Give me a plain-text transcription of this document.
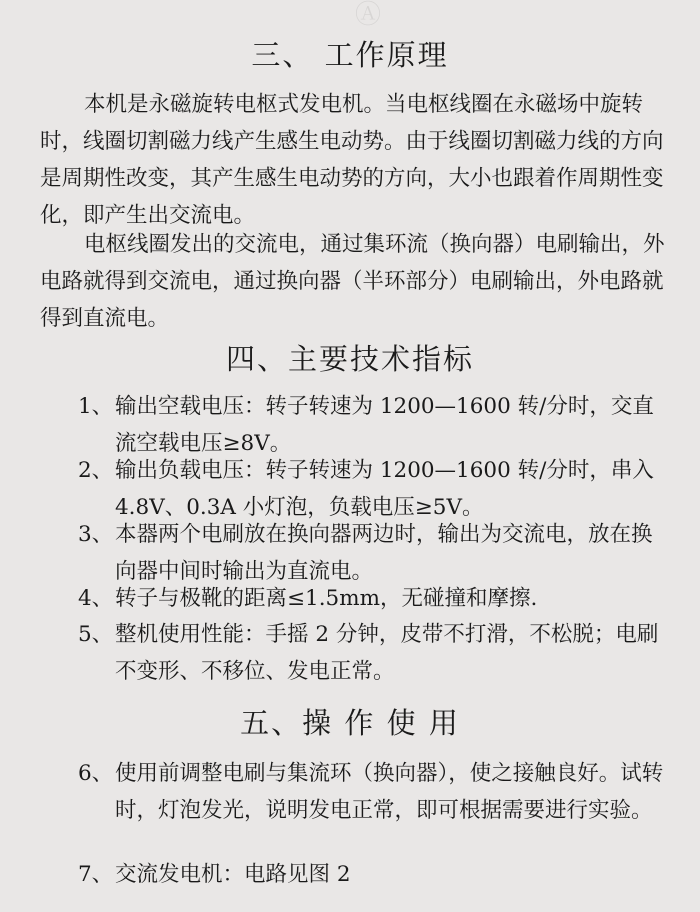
Ⓐ
三、 工作原理

本机是永磁旋转电枢式发电机。当电枢线圈在永磁场中旋转时，线圈切割磁力线产生感生电动势。由于线圈切割磁力线的方向是周期性改变，其产生感生电动势的方向，大小也跟着作周期性变化，即产生出交流电。

电枢线圈发出的交流电，通过集环流（换向器）电刷输出，外电路就得到交流电，通过换向器（半环部分）电刷输出，外电路就得到直流电。

四、主要技术指标
1、 输出空载电压：转子转速为 1200—1600 转/分时，交直流空载电压≥8V。
2、 输出负载电压：转子转速为 1200—1600 转/分时，串入 4.8V、0.3A 小灯泡，负载电压≥5V。
3、 本器两个电刷放在换向器两边时，输出为交流电，放在换向器中间时输出为直流电。
4、 转子与极靴的距离≤1.5mm，无碰撞和摩擦.
5、 整机使用性能：手摇 2 分钟，皮带不打滑，不松脱；电刷不变形、不移位、发电正常。
五、操 作 使 用
6、 使用前调整电刷与集流环（换向器），使之接触良好。试转时，灯泡发光，说明发电正常，即可根据需要进行实验。
7、 交流发电机：电路见图 2
